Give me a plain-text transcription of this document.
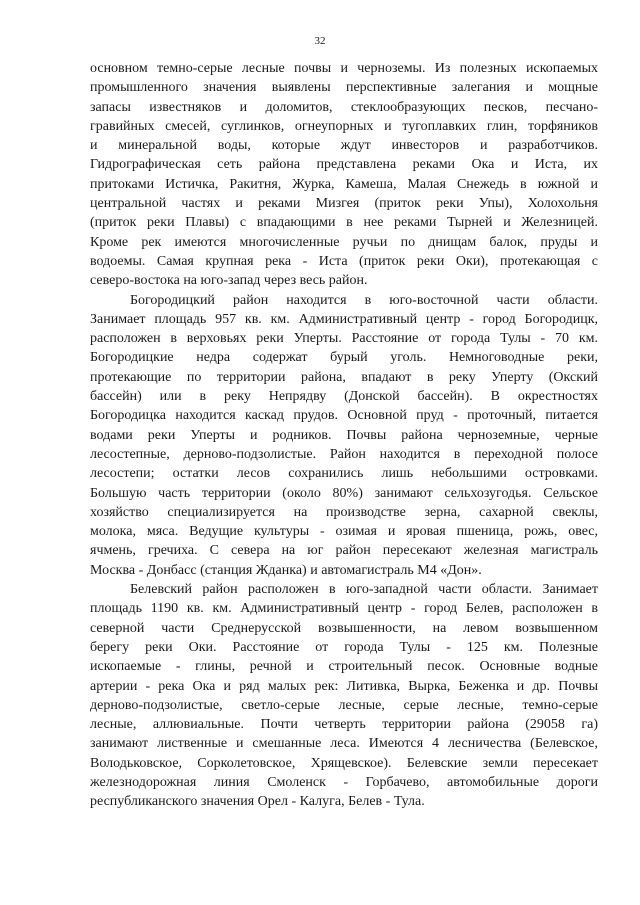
32
основном темно-серые лесные почвы и черноземы. Из полезных ископаемых
промышленного значения выявлены перспективные залегания и мощные
запасы известняков и доломитов, стеклообразующих песков, песчано-
гравийных смесей, суглинков, огнеупорных и тугоплавких глин, торфяников
и минеральной воды, которые ждут инвесторов и разработчиков.
Гидрографическая сеть района представлена реками Ока и Иста, их
притоками Истичка, Ракитня, Журка, Камеша, Малая Снежедь в южной и
центральной частях и реками Мизгея (приток реки Упы), Холохольня
(приток реки Плавы) с впадающими в нее реками Тырней и Железницей.
Кроме рек имеются многочисленные ручьи по днищам балок, пруды и
водоемы. Самая крупная река - Иста (приток реки Оки), протекающая с
северо-востока на юго-запад через весь район.
Богородицкий район находится в юго-восточной части области.
Занимает площадь 957 кв. км. Административный центр - город Богородицк,
расположен в верховьях реки Уперты. Расстояние от города Тулы - 70 км.
Богородицкие недра содержат бурый уголь. Немноговодные реки,
протекающие по территории района, впадают в реку Уперту (Окский
бассейн) или в реку Непрядву (Донской бассейн). В окрестностях
Богородицка находится каскад прудов. Основной пруд - проточный, питается
водами реки Уперты и родников. Почвы района черноземные, черные
лесостепные, дерново-подзолистые. Район находится в переходной полосе
лесостепи; остатки лесов сохранились лишь небольшими островками.
Большую часть территории (около 80%) занимают сельхозугодья. Сельское
хозяйство специализируется на производстве зерна, сахарной свеклы,
молока, мяса. Ведущие культуры - озимая и яровая пшеница, рожь, овес,
ячмень, гречиха. С севера на юг район пересекают железная магистраль
Москва - Донбасс (станция Жданка) и автомагистраль М4 «Дон».
Белевский район расположен в юго-западной части области. Занимает
площадь 1190 кв. км. Административный центр - город Белев, расположен в
северной части Среднерусской возвышенности, на левом возвышенном
берегу реки Оки. Расстояние от города Тулы - 125 км. Полезные
ископаемые - глины, речной и строительный песок. Основные водные
артерии - река Ока и ряд малых рек: Литивка, Вырка, Беженка и др. Почвы
дерново-подзолистые, светло-серые лесные, серые лесные, темно-серые
лесные, аллювиальные. Почти четверть территории района (29058 га)
занимают лиственные и смешанные леса. Имеются 4 лесничества (Белевское,
Володьковское, Сорколетовское, Хрящевское). Белевские земли пересекает
железнодорожная линия Смоленск - Горбачево, автомобильные дороги
республиканского значения Орел - Калуга, Белев - Тула.
